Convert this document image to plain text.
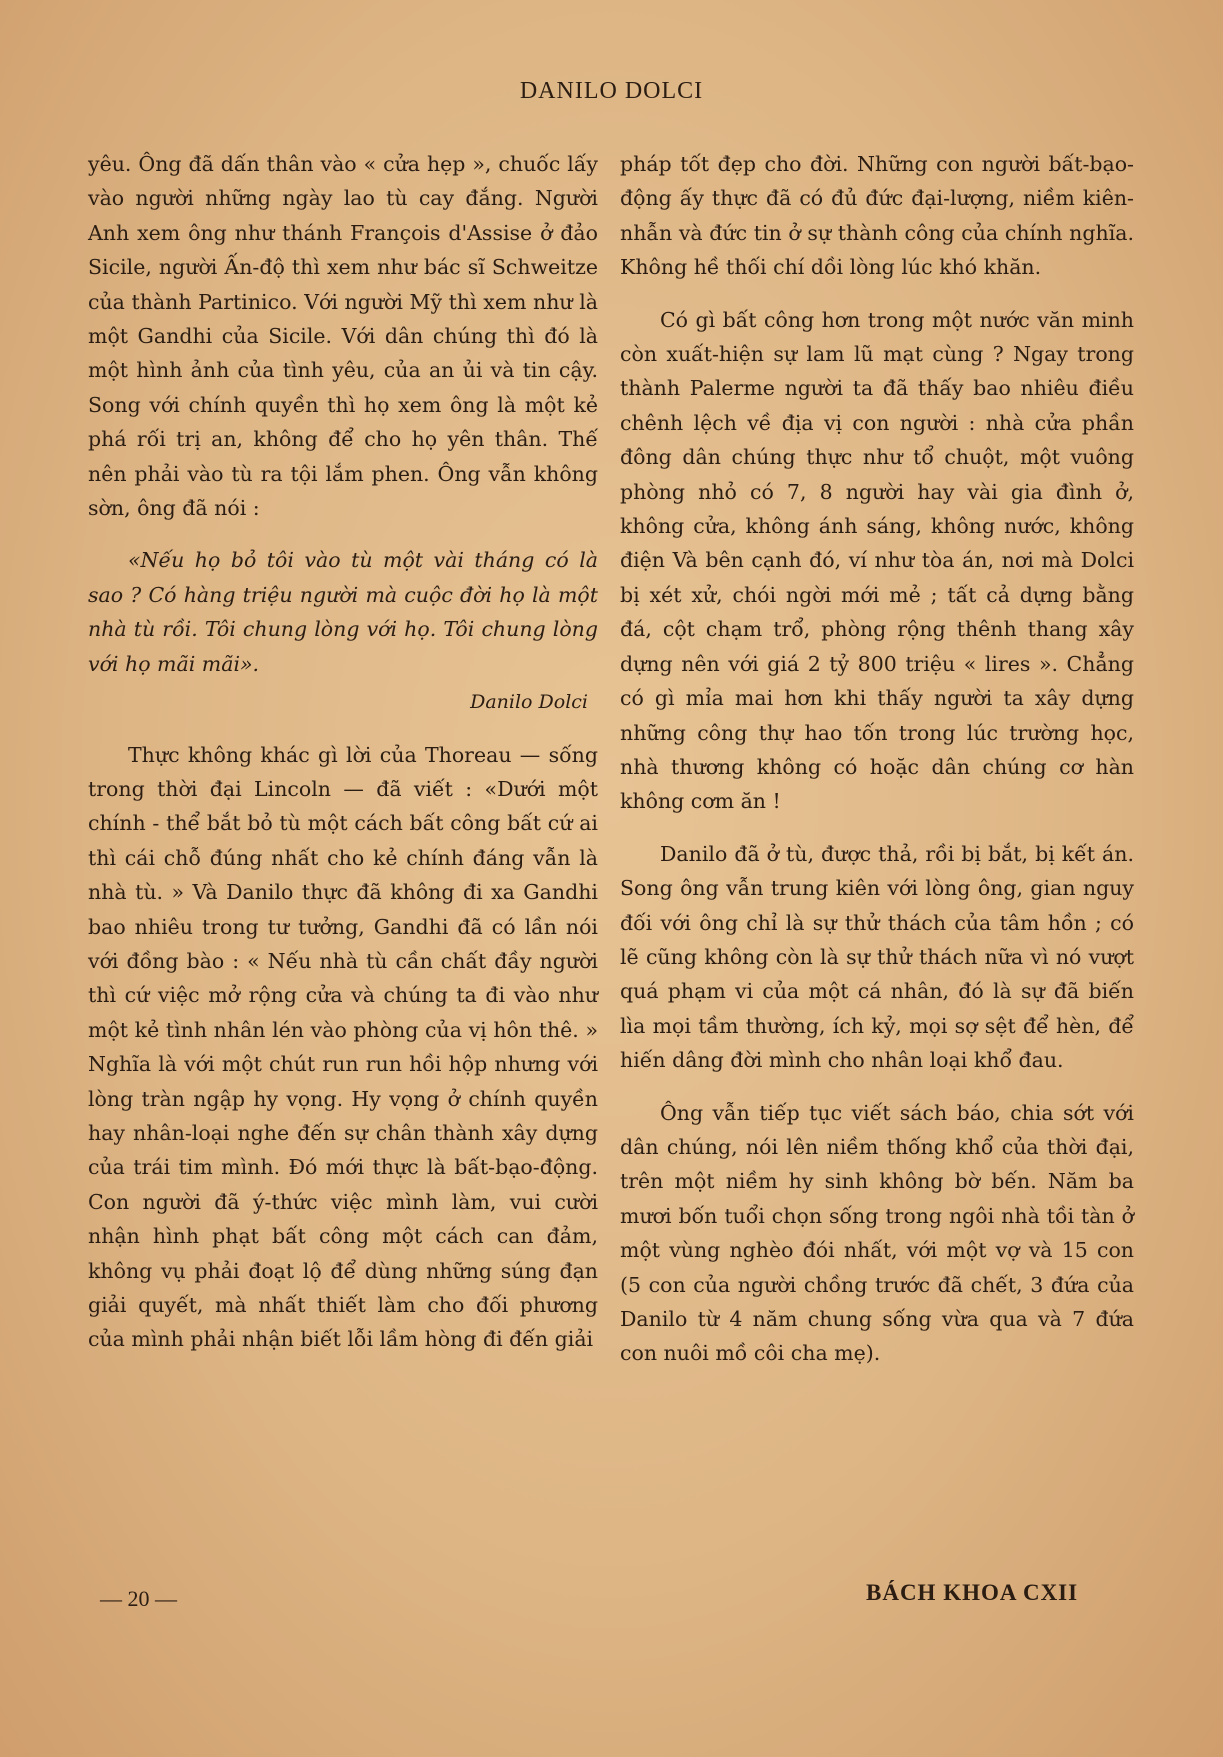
DANILO DOLCI

yêu. Ông đã dấn thân vào « cửa hẹp », chuốc lấy vào người những ngày lao tù cay đắng. Người Anh xem ông như thánh François d'Assise ở đảo Sicile, người Ấn-độ thì xem như bác sĩ Schweitze của thành Partinico. Với người Mỹ thì xem như là một Gandhi của Sicile. Với dân chúng thì đó là một hình ảnh của tình yêu, của an ủi và tin cậy. Song với chính quyền thì họ xem ông là một kẻ phá rối trị an, không để cho họ yên thân. Thế nên phải vào tù ra tội lắm phen. Ông vẫn không sờn, ông đã nói :

«Nếu họ bỏ tôi vào tù một vài tháng có là sao ? Có hàng triệu người mà cuộc đời họ là một nhà tù rồi. Tôi chung lòng với họ. Tôi chung lòng với họ mãi mãi».

Danilo Dolci

Thực không khác gì lời của Thoreau — sống trong thời đại Lincoln — đã viết : «Dưới một chính - thể bắt bỏ tù một cách bất công bất cứ ai thì cái chỗ đúng nhất cho kẻ chính đáng vẫn là nhà tù. » Và Danilo thực đã không đi xa Gandhi bao nhiêu trong tư tưởng, Gandhi đã có lần nói với đồng bào : « Nếu nhà tù cần chất đầy người thì cứ việc mở rộng cửa và chúng ta đi vào như một kẻ tình nhân lén vào phòng của vị hôn thê. » Nghĩa là với một chút run run hồi hộp nhưng với lòng tràn ngập hy vọng. Hy vọng ở chính quyền hay nhân-loại nghe đến sự chân thành xây dựng của trái tim mình. Đó mới thực là bất-bạo-động. Con người đã ý-thức việc mình làm, vui cười nhận hình phạt bất công một cách can đảm, không vụ phải đoạt lộ để dùng những súng đạn giải quyết, mà nhất thiết làm cho đối phương của mình phải nhận biết lỗi lầm hòng đi đến giải

pháp tốt đẹp cho đời. Những con người bất-bạo-động ấy thực đã có đủ đức đại-lượng, niềm kiên-nhẫn và đức tin ở sự thành công của chính nghĩa. Không hề thối chí dồi lòng lúc khó khăn.

Có gì bất công hơn trong một nước văn minh còn xuất-hiện sự lam lũ mạt cùng ? Ngay trong thành Palerme người ta đã thấy bao nhiêu điều chênh lệch về địa vị con người : nhà cửa phần đông dân chúng thực như tổ chuột, một vuông phòng nhỏ có 7, 8 người hay vài gia đình ở, không cửa, không ánh sáng, không nước, không điện Và bên cạnh đó, ví như tòa án, nơi mà Dolci bị xét xử, chói ngời mới mẻ ; tất cả dựng bằng đá, cột chạm trổ, phòng rộng thênh thang xây dựng nên với giá 2 tỷ 800 triệu « lires ». Chẳng có gì mỉa mai hơn khi thấy người ta xây dựng những công thự hao tốn trong lúc trường học, nhà thương không có hoặc dân chúng cơ hàn không cơm ăn !

Danilo đã ở tù, được thả, rồi bị bắt, bị kết án. Song ông vẫn trung kiên với lòng ông, gian nguy đối với ông chỉ là sự thử thách của tâm hồn ; có lẽ cũng không còn là sự thử thách nữa vì nó vượt quá phạm vi của một cá nhân, đó là sự đã biến lìa mọi tầm thường, ích kỷ, mọi sợ sệt để hèn, để hiến dâng đời mình cho nhân loại khổ đau.

Ông vẫn tiếp tục viết sách báo, chia sớt với dân chúng, nói lên niềm thống khổ của thời đại, trên một niềm hy sinh không bờ bến. Năm ba mươi bốn tuổi chọn sống trong ngôi nhà tồi tàn ở một vùng nghèo đói nhất, với một vợ và 15 con (5 con của người chồng trước đã chết, 3 đứa của Danilo từ 4 năm chung sống vừa qua và 7 đứa con nuôi mồ côi cha mẹ).

— 20 —	BÁCH KHOA CXII
